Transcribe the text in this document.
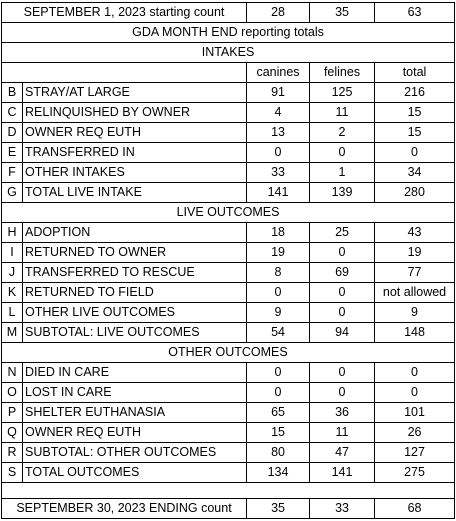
SEPTEMBER 1, 2023 starting count		28	35	63
GDA MONTH END reporting totals				
INTAKES				
		canines	felines	total
B	STRAY/AT LARGE	91	125	216
C	RELINQUISHED BY OWNER	4	11	15
D	OWNER REQ EUTH	13	2	15
E	TRANSFERRED IN	0	0	0
F	OTHER INTAKES	33	1	34
G	TOTAL LIVE INTAKE	141	139	280
LIVE OUTCOMES				
H	ADOPTION	18	25	43
I	RETURNED TO OWNER	19	0	19
J	TRANSFERRED TO RESCUE	8	69	77
K	RETURNED TO FIELD	0	0	not allowed
L	OTHER LIVE OUTCOMES	9	0	9
M	SUBTOTAL: LIVE OUTCOMES	54	94	148
OTHER OUTCOMES				
N	DIED IN CARE	0	0	0
O	LOST IN CARE	0	0	0
P	SHELTER EUTHANASIA	65	36	101
Q	OWNER REQ EUTH	15	11	26
R	SUBTOTAL: OTHER OUTCOMES	80	47	127
S	TOTAL OUTCOMES	134	141	275

SEPTEMBER 30, 2023 ENDING count		35	33	68
